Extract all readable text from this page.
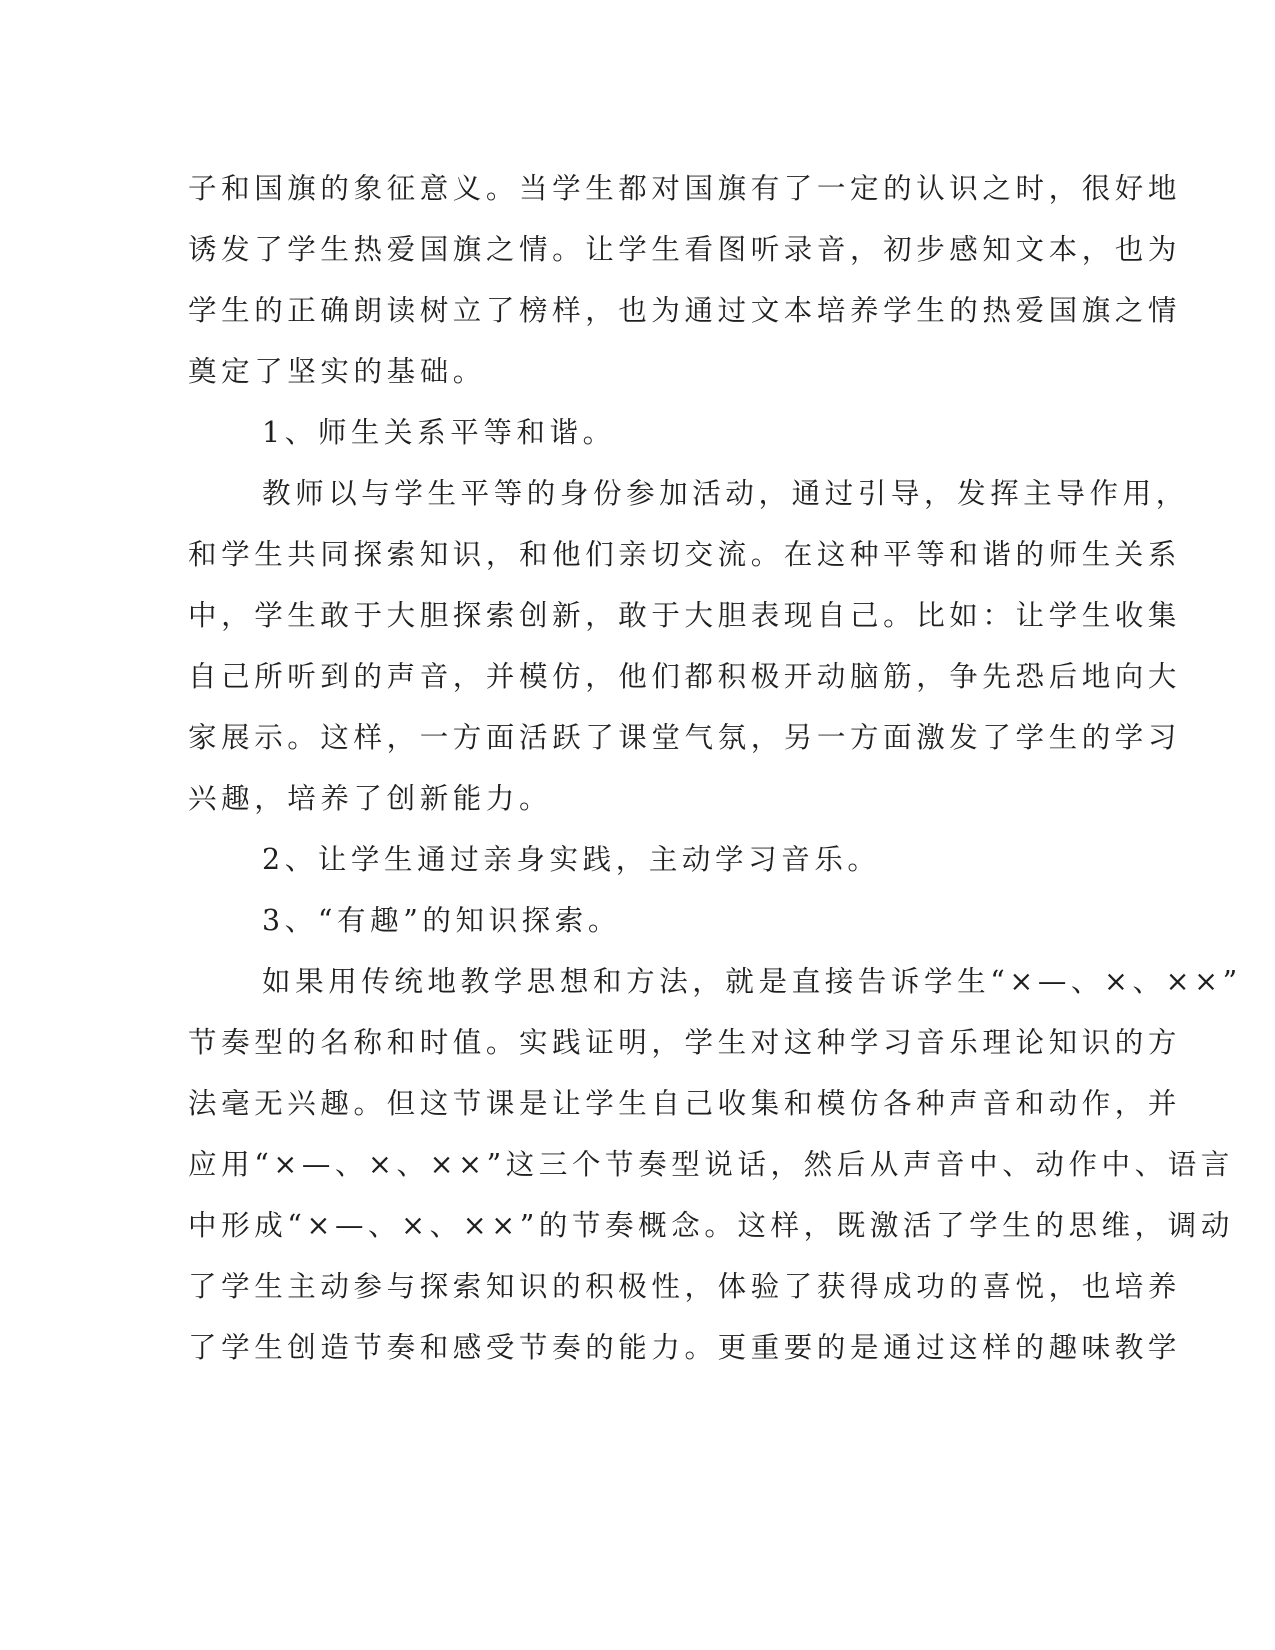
子和国旗的象征意义。当学生都对国旗有了一定的认识之时，很好地

诱发了学生热爱国旗之情。让学生看图听录音，初步感知文本，也为

学生的正确朗读树立了榜样，也为通过文本培养学生的热爱国旗之情

奠定了坚实的基础。

1、师生关系平等和谐。

教师以与学生平等的身份参加活动，通过引导，发挥主导作用，

和学生共同探索知识，和他们亲切交流。在这种平等和谐的师生关系

中，学生敢于大胆探索创新，敢于大胆表现自己。比如：让学生收集

自己所听到的声音，并模仿，他们都积极开动脑筋，争先恐后地向大

家展示。这样，一方面活跃了课堂气氛，另一方面激发了学生的学习

兴趣，培养了创新能力。

2、让学生通过亲身实践，主动学习音乐。

3、“有趣”的知识探索。

如果用传统地教学思想和方法，就是直接告诉学生“×—、×、××”

节奏型的名称和时值。实践证明，学生对这种学习音乐理论知识的方

法毫无兴趣。但这节课是让学生自己收集和模仿各种声音和动作，并

应用“×—、×、××”这三个节奏型说话，然后从声音中、动作中、语言

中形成“×—、×、××”的节奏概念。这样，既激活了学生的思维，调动

了学生主动参与探索知识的积极性，体验了获得成功的喜悦，也培养

了学生创造节奏和感受节奏的能力。更重要的是通过这样的趣味教学
